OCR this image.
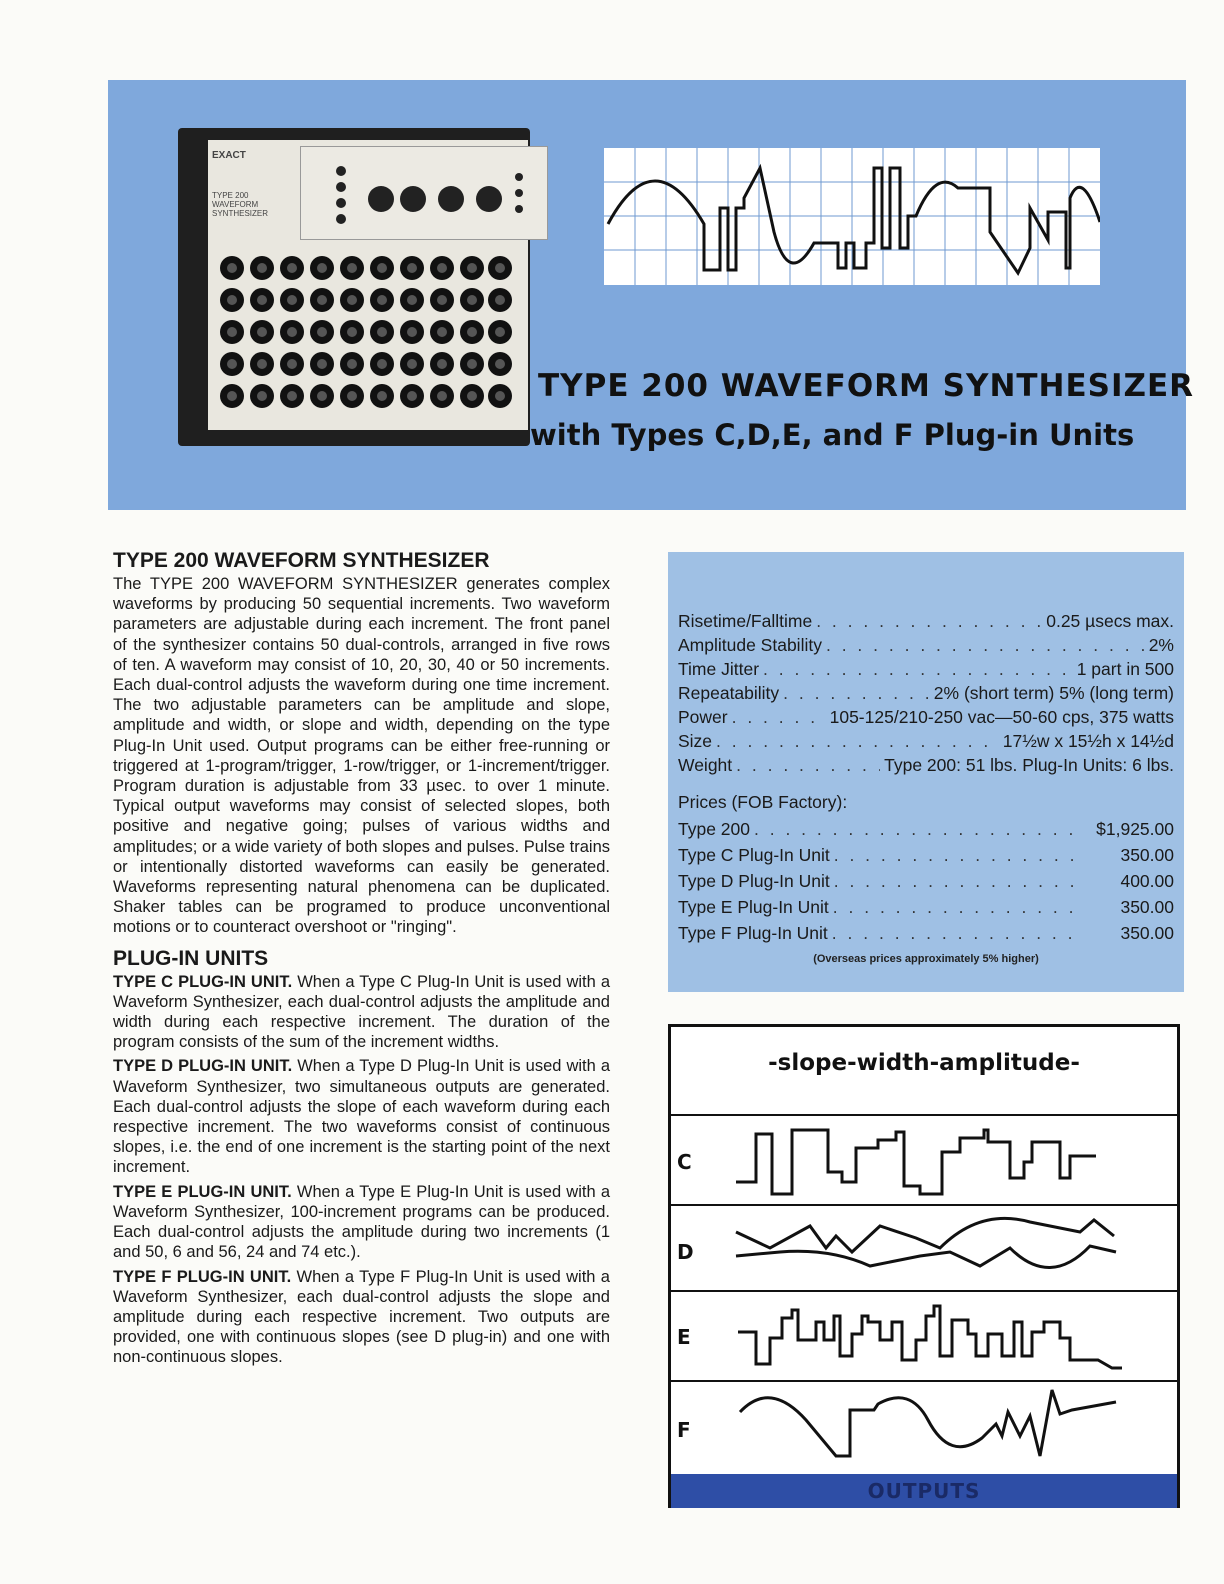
EXACT
TYPE 200 WAVEFORM SYNTHESIZER
TYPE 200 WAVEFORM SYNTHESIZER
with Types C,D,E, and F Plug-in Units
TYPE 200 WAVEFORM SYNTHESIZER

The TYPE 200 WAVEFORM SYNTHESIZER generates complex waveforms by producing 50 sequential increments. Two waveform parameters are adjustable during each increment. The front panel of the synthesizer contains 50 dual-controls, arranged in five rows of ten. A waveform may consist of 10, 20, 30, 40 or 50 increments. Each dual-control adjusts the waveform during one time increment. The two adjustable parameters can be amplitude and slope, amplitude and width, or slope and width, depending on the type Plug-In Unit used. Output programs can be either free-running or triggered at 1-program/trigger, 1-row/trigger, or 1-increment/trigger. Program duration is adjustable from 33 µsec. to over 1 minute. Typical output waveforms may consist of selected slopes, both positive and negative going; pulses of various widths and amplitudes; or a wide variety of both slopes and pulses. Pulse trains or intentionally distorted waveforms can easily be generated. Waveforms representing natural phenomena can be duplicated. Shaker tables can be programed to produce unconventional motions or to counteract overshoot or "ringing".

PLUG-IN UNITS

TYPE C PLUG-IN UNIT. When a Type C Plug-In Unit is used with a Waveform Synthesizer, each dual-control adjusts the amplitude and width during each respective increment. The duration of the program consists of the sum of the increment widths.

TYPE D PLUG-IN UNIT. When a Type D Plug-In Unit is used with a Waveform Synthesizer, two simultaneous outputs are generated. Each dual-control adjusts the slope of each waveform during each respective increment. The two waveforms consist of continuous slopes, i.e. the end of one increment is the starting point of the next increment.

TYPE E PLUG-IN UNIT. When a Type E Plug-In Unit is used with a Waveform Synthesizer, 100-increment programs can be produced. Each dual-control adjusts the amplitude during two increments (1 and 50, 6 and 56, 24 and 74 etc.).

TYPE F PLUG-IN UNIT. When a Type F Plug-In Unit is used with a Waveform Synthesizer, each dual-control adjusts the slope and amplitude during each respective increment. Two outputs are provided, one with continuous slopes (see D plug-in) and one with non-continuous slopes.

Risetime/Falltime . . .	0.25 µsecs max.
Amplitude Stability . . .	2%
Time Jitter . . .	1 part in 500
Repeatability . . .	2% (short term) 5% (long term)
Power . . .	105-125/210-250 vac—50-60 cps, 375 watts
Size . . .	17½w x 15½h x 14½d
Weight . . .	Type 200: 51 lbs. Plug-In Units: 6 lbs.
Prices (FOB Factory):
Type 200 . . .	$1,925.00
Type C Plug-In Unit . . .	350.00
Type D Plug-In Unit . . .	400.00
Type E Plug-In Unit . . .	350.00
Type F Plug-In Unit . . .	350.00
(Overseas prices approximately 5% higher)
-slope-width-amplitude-
C
D
E
F
OUTPUTS
